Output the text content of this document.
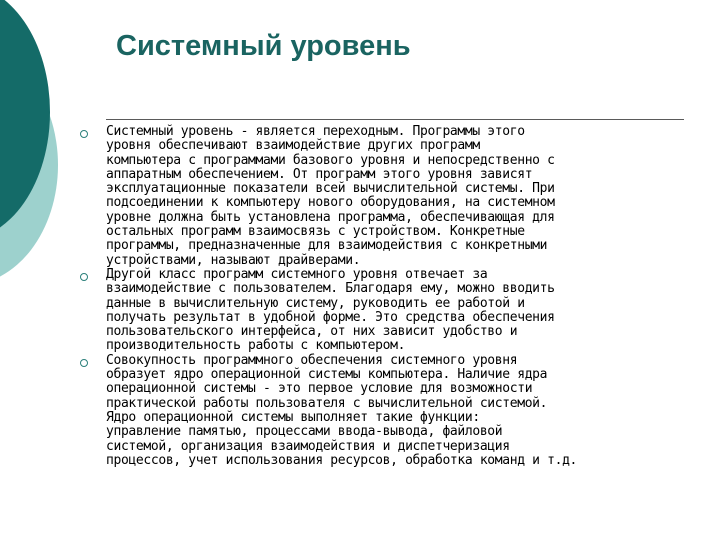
Системный уровень

Системный уровень - является переходным. Программы этого
уровня обеспечивают взаимодействие других программ
компьютера с программами базового уровня и непосредственно с
аппаратным обеспечением. От программ этого уровня зависят
эксплуатационные показатели всей вычислительной системы. При
подсоединении к компьютеру нового оборудования, на системном
уровне должна быть установлена программа, обеспечивающая для
остальных программ взаимосвязь с устройством. Конкретные
программы, предназначенные для взаимодействия с конкретными
устройствами, называют драйверами.

Другой класс программ системного уровня отвечает за
взаимодействие с пользователем. Благодаря ему, можно вводить
данные в вычислительную систему, руководить ее работой и
получать результат в удобной форме. Это средства обеспечения
пользовательского интерфейса, от них зависит удобство и
производительность работы с компьютером.

Совокупность программного обеспечения системного уровня
образует ядро операционной системы компьютера. Наличие ядра
операционной системы - это первое условие для возможности
практической работы пользователя с вычислительной системой.
Ядро операционной системы выполняет такие функции:
управление памятью, процессами ввода-вывода, файловой
системой, организация взаимодействия и диспетчеризация
процессов, учет использования ресурсов, обработка команд и т.д.
